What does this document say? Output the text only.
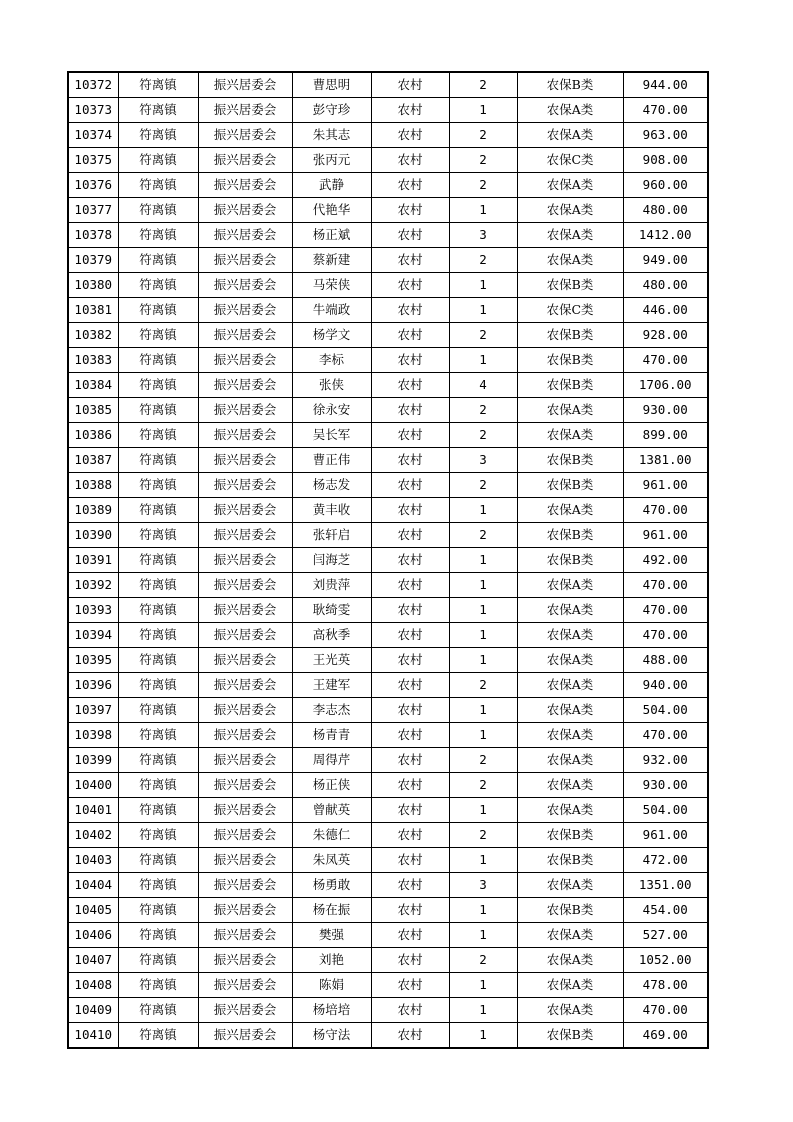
10372	符离镇	振兴居委会	曹思明	农村	2	农保B类	944.00
10373	符离镇	振兴居委会	彭守珍	农村	1	农保A类	470.00
10374	符离镇	振兴居委会	朱其志	农村	2	农保A类	963.00
10375	符离镇	振兴居委会	张丙元	农村	2	农保C类	908.00
10376	符离镇	振兴居委会	武静	农村	2	农保A类	960.00
10377	符离镇	振兴居委会	代艳华	农村	1	农保A类	480.00
10378	符离镇	振兴居委会	杨正斌	农村	3	农保A类	1412.00
10379	符离镇	振兴居委会	蔡新建	农村	2	农保A类	949.00
10380	符离镇	振兴居委会	马荣侠	农村	1	农保B类	480.00
10381	符离镇	振兴居委会	牛端政	农村	1	农保C类	446.00
10382	符离镇	振兴居委会	杨学文	农村	2	农保B类	928.00
10383	符离镇	振兴居委会	李标	农村	1	农保B类	470.00
10384	符离镇	振兴居委会	张侠	农村	4	农保B类	1706.00
10385	符离镇	振兴居委会	徐永安	农村	2	农保A类	930.00
10386	符离镇	振兴居委会	吴长军	农村	2	农保A类	899.00
10387	符离镇	振兴居委会	曹正伟	农村	3	农保B类	1381.00
10388	符离镇	振兴居委会	杨志发	农村	2	农保B类	961.00
10389	符离镇	振兴居委会	黄丰收	农村	1	农保A类	470.00
10390	符离镇	振兴居委会	张轩启	农村	2	农保B类	961.00
10391	符离镇	振兴居委会	闫海芝	农村	1	农保B类	492.00
10392	符离镇	振兴居委会	刘贵萍	农村	1	农保A类	470.00
10393	符离镇	振兴居委会	耿绮雯	农村	1	农保A类	470.00
10394	符离镇	振兴居委会	高秋季	农村	1	农保A类	470.00
10395	符离镇	振兴居委会	王光英	农村	1	农保A类	488.00
10396	符离镇	振兴居委会	王建军	农村	2	农保A类	940.00
10397	符离镇	振兴居委会	李志杰	农村	1	农保A类	504.00
10398	符离镇	振兴居委会	杨青青	农村	1	农保A类	470.00
10399	符离镇	振兴居委会	周得芹	农村	2	农保A类	932.00
10400	符离镇	振兴居委会	杨正侠	农村	2	农保A类	930.00
10401	符离镇	振兴居委会	曾献英	农村	1	农保A类	504.00
10402	符离镇	振兴居委会	朱德仁	农村	2	农保B类	961.00
10403	符离镇	振兴居委会	朱凤英	农村	1	农保B类	472.00
10404	符离镇	振兴居委会	杨勇敢	农村	3	农保A类	1351.00
10405	符离镇	振兴居委会	杨在振	农村	1	农保B类	454.00
10406	符离镇	振兴居委会	樊强	农村	1	农保A类	527.00
10407	符离镇	振兴居委会	刘艳	农村	2	农保A类	1052.00
10408	符离镇	振兴居委会	陈娟	农村	1	农保A类	478.00
10409	符离镇	振兴居委会	杨培培	农村	1	农保A类	470.00
10410	符离镇	振兴居委会	杨守法	农村	1	农保B类	469.00
